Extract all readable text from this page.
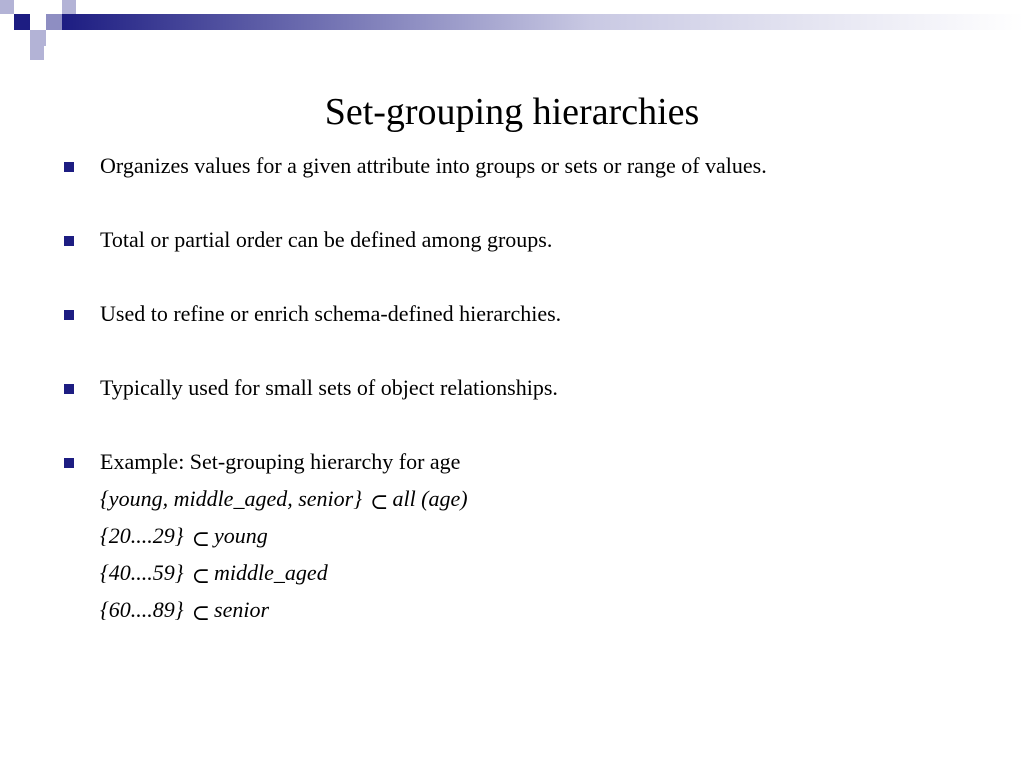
Set-grouping hierarchies
Organizes values for a given attribute into groups or sets or range of values.
Total or partial order can be defined among groups.
Used to refine or enrich schema-defined hierarchies.
Typically used for small sets of object relationships.
Example: Set-grouping hierarchy for age
{young, middle_aged, senior} ⊂ all (age)
{20....29} ⊂ young
{40....59} ⊂ middle_aged
{60....89} ⊂ senior
